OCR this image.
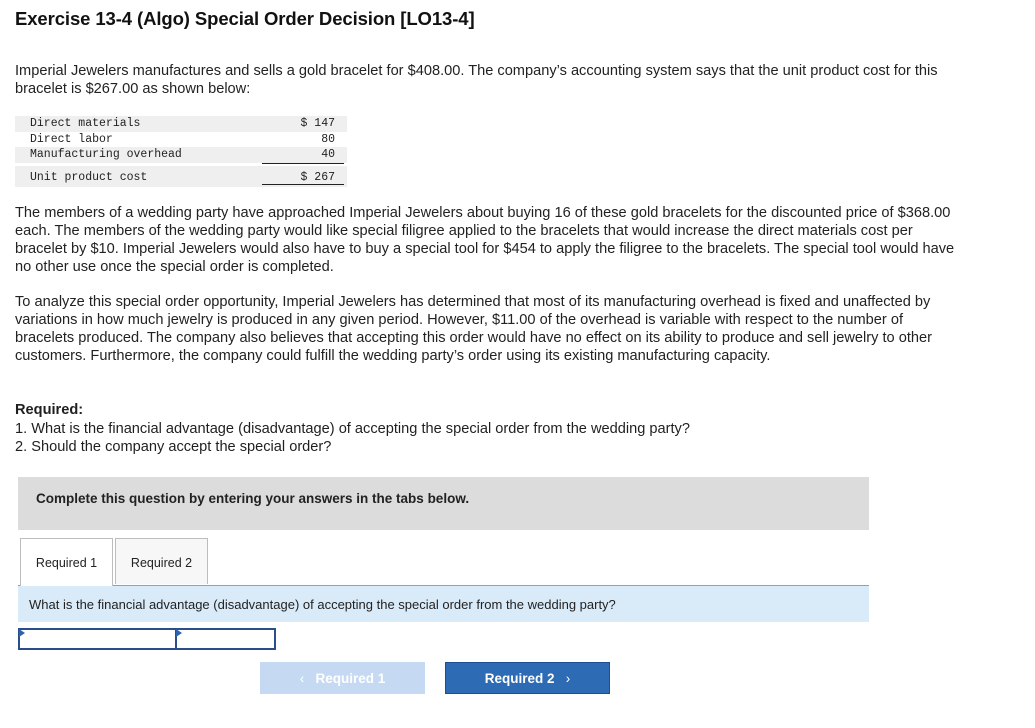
Exercise 13-4 (Algo) Special Order Decision [LO13-4]
Imperial Jewelers manufactures and sells a gold bracelet for $408.00. The company’s accounting system says that the unit product cost for this bracelet is $267.00 as shown below:
Direct materials	$ 147
Direct labor	80
Manufacturing overhead	40
Unit product cost	$ 267
The members of a wedding party have approached Imperial Jewelers about buying 16 of these gold bracelets for the discounted price of $368.00 each. The members of the wedding party would like special filigree applied to the bracelets that would increase the direct materials cost per bracelet by $10. Imperial Jewelers would also have to buy a special tool for $454 to apply the filigree to the bracelets. The special tool would have no other use once the special order is completed.
To analyze this special order opportunity, Imperial Jewelers has determined that most of its manufacturing overhead is fixed and unaffected by variations in how much jewelry is produced in any given period. However, $11.00 of the overhead is variable with respect to the number of bracelets produced. The company also believes that accepting this order would have no effect on its ability to produce and sell jewelry to other customers. Furthermore, the company could fulfill the wedding party’s order using its existing manufacturing capacity.
Required:
1. What is the financial advantage (disadvantage) of accepting the special order from the wedding party?
2. Should the company accept the special order?
Complete this question by entering your answers in the tabs below.
Required 1	Required 2
What is the financial advantage (disadvantage) of accepting the special order from the wedding party?
‹ Required 1	Required 2 ›
